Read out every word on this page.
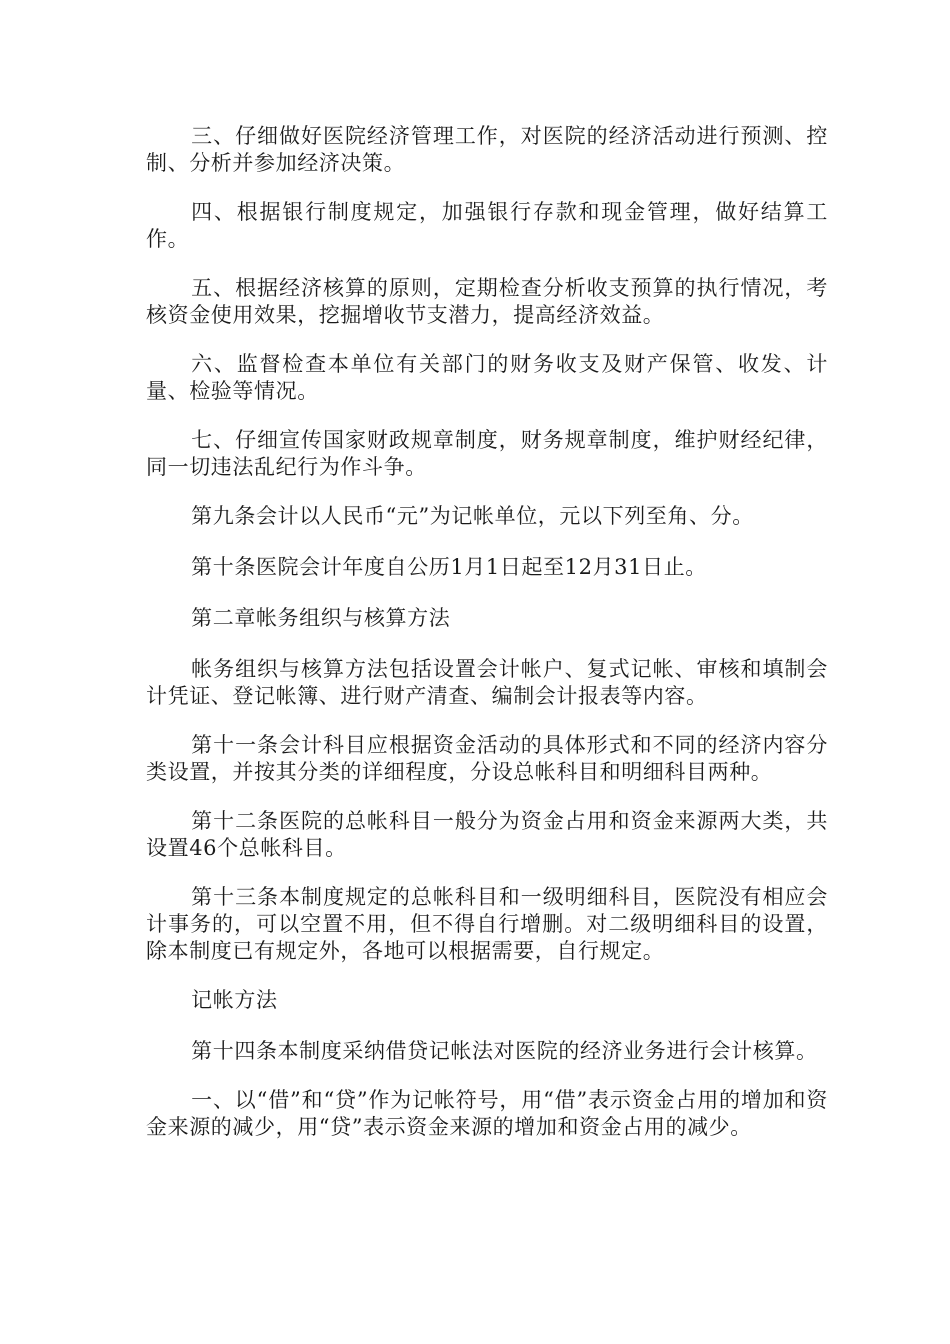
三、仔细做好医院经济管理工作，对医院的经济活动进行预测、控制、分析并参加经济决策。

四、根据银行制度规定，加强银行存款和现金管理，做好结算工作。

五、根据经济核算的原则，定期检查分析收支预算的执行情况，考核资金使用效果，挖掘增收节支潜力，提高经济效益。

六、监督检查本单位有关部门的财务收支及财产保管、收发、计量、检验等情况。

七、仔细宣传国家财政规章制度，财务规章制度，维护财经纪律，同一切违法乱纪行为作斗争。

第九条会计以人民币“元”为记帐单位，元以下列至角、分。

第十条医院会计年度自公历1月1日起至12月31日止。

第二章帐务组织与核算方法

帐务组织与核算方法包括设置会计帐户、复式记帐、审核和填制会计凭证、登记帐簿、进行财产清查、编制会计报表等内容。

第十一条会计科目应根据资金活动的具体形式和不同的经济内容分类设置，并按其分类的详细程度，分设总帐科目和明细科目两种。

第十二条医院的总帐科目一般分为资金占用和资金来源两大类，共设置46个总帐科目。

第十三条本制度规定的总帐科目和一级明细科目，医院没有相应会计事务的，可以空置不用，但不得自行增删。对二级明细科目的设置，除本制度已有规定外，各地可以根据需要，自行规定。

记帐方法

第十四条本制度采纳借贷记帐法对医院的经济业务进行会计核算。

一、以“借”和“贷”作为记帐符号，用“借”表示资金占用的增加和资金来源的减少，用“贷”表示资金来源的增加和资金占用的减少。
